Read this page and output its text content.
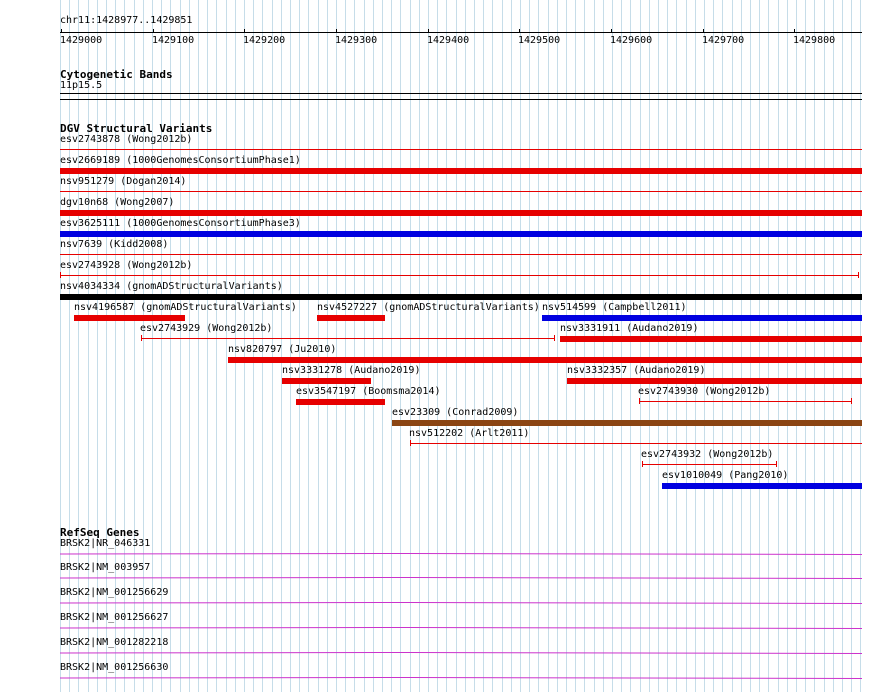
chr11:1428977..1429851
1429000	1429100	1429200	1429300	1429400	1429500	1429600	1429700	1429800
Cytogenetic Bands
11p15.5
DGV Structural Variants
esv2743878 (Wong2012b)
esv2669189 (1000GenomesConsortiumPhase1)
nsv951279 (Dogan2014)
dgv10n68 (Wong2007)
esv3625111 (1000GenomesConsortiumPhase3)
nsv7639 (Kidd2008)
esv2743928 (Wong2012b)
nsv4034334 (gnomADStructuralVariants)
nsv4196587 (gnomADStructuralVariants) nsv4527227 (gnomADStructuralVariants) nsv514599 (Campbell2011)
esv2743929 (Wong2012b)	nsv3331911 (Audano2019)
nsv820797 (Ju2010)
nsv3331278 (Audano2019)	nsv3332357 (Audano2019)
esv3547197 (Boomsma2014)	esv2743930 (Wong2012b)
esv23309 (Conrad2009)
nsv512202 (Arlt2011)
esv2743932 (Wong2012b)
esv1010049 (Pang2010)
RefSeq Genes
BRSK2|NR_046331
BRSK2|NM_003957
BRSK2|NM_001256629
BRSK2|NM_001256627
BRSK2|NM_001282218
BRSK2|NM_001256630
